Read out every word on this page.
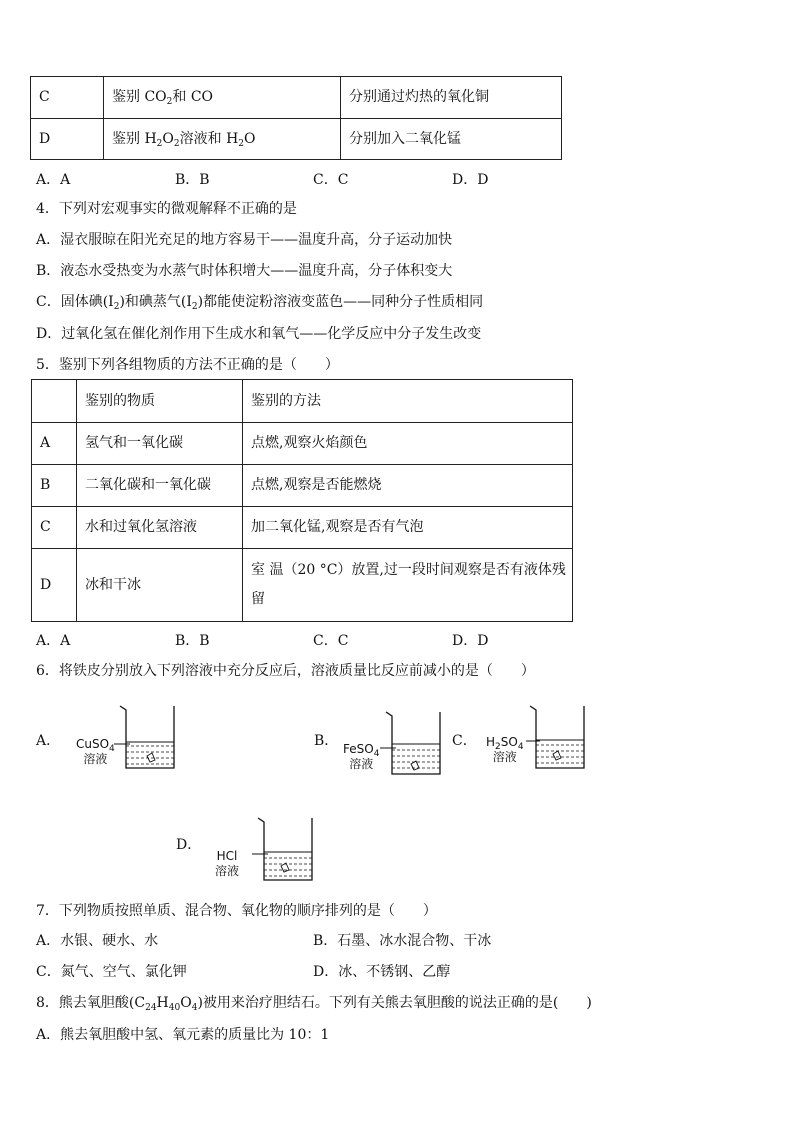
C	鉴别 $CO_2$和 CO	分别通过灼热的氧化铜
D	鉴别 $H_2O_2$溶液和 $H_2O$	分别加入二氧化锰
A．A	B．B	C．C	D．D
4．下列对宏观事实的微观解释不正确的是
A．湿衣服晾在阳光充足的地方容易干——温度升高，分子运动加快
B．液态水受热变为水蒸气时体积增大——温度升高，分子体积变大
C．固体碘$(I_2)$和碘蒸气$(I_2)$都能使淀粉溶液变蓝色——同种分子性质相同
D．过氧化氢在催化剂作用下生成水和氧气——化学反应中分子发生改变
5．鉴别下列各组物质的方法不正确的是（　　）
	鉴别的物质	鉴别的方法
A	氢气和一氧化碳	点燃,观察火焰颜色
B	二氧化碳和一氧化碳	点燃,观察是否能燃烧
C	水和过氧化氢溶液	加二氧化锰,观察是否有气泡
D	冰和干冰	室 温（20 °C）放置,过一段时间观察是否有液体残留
A．A	B．B	C．C	D．D
6．将铁皮分别放入下列溶液中充分反应后，溶液质量比反应前减小的是（　　）
A． CuSO$_4$
溶液
B． FeSO$_4$
溶液
C． $H_2SO_4$
溶液
D．
HCl
溶液
7．下列物质按照单质、混合物、氧化物的顺序排列的是（　　）
A．水银、硬水、水	B．石墨、冰水混合物、干冰
C．氮气、空气、氯化钾	D．冰、不锈钢、乙醇
8．熊去氧胆酸$(C_{24}H_{40}O_4)$被用来治疗胆结石。下列有关熊去氧胆酸的说法正确的是(　　)
A．熊去氧胆酸中氢、氧元素的质量比为 10：1
